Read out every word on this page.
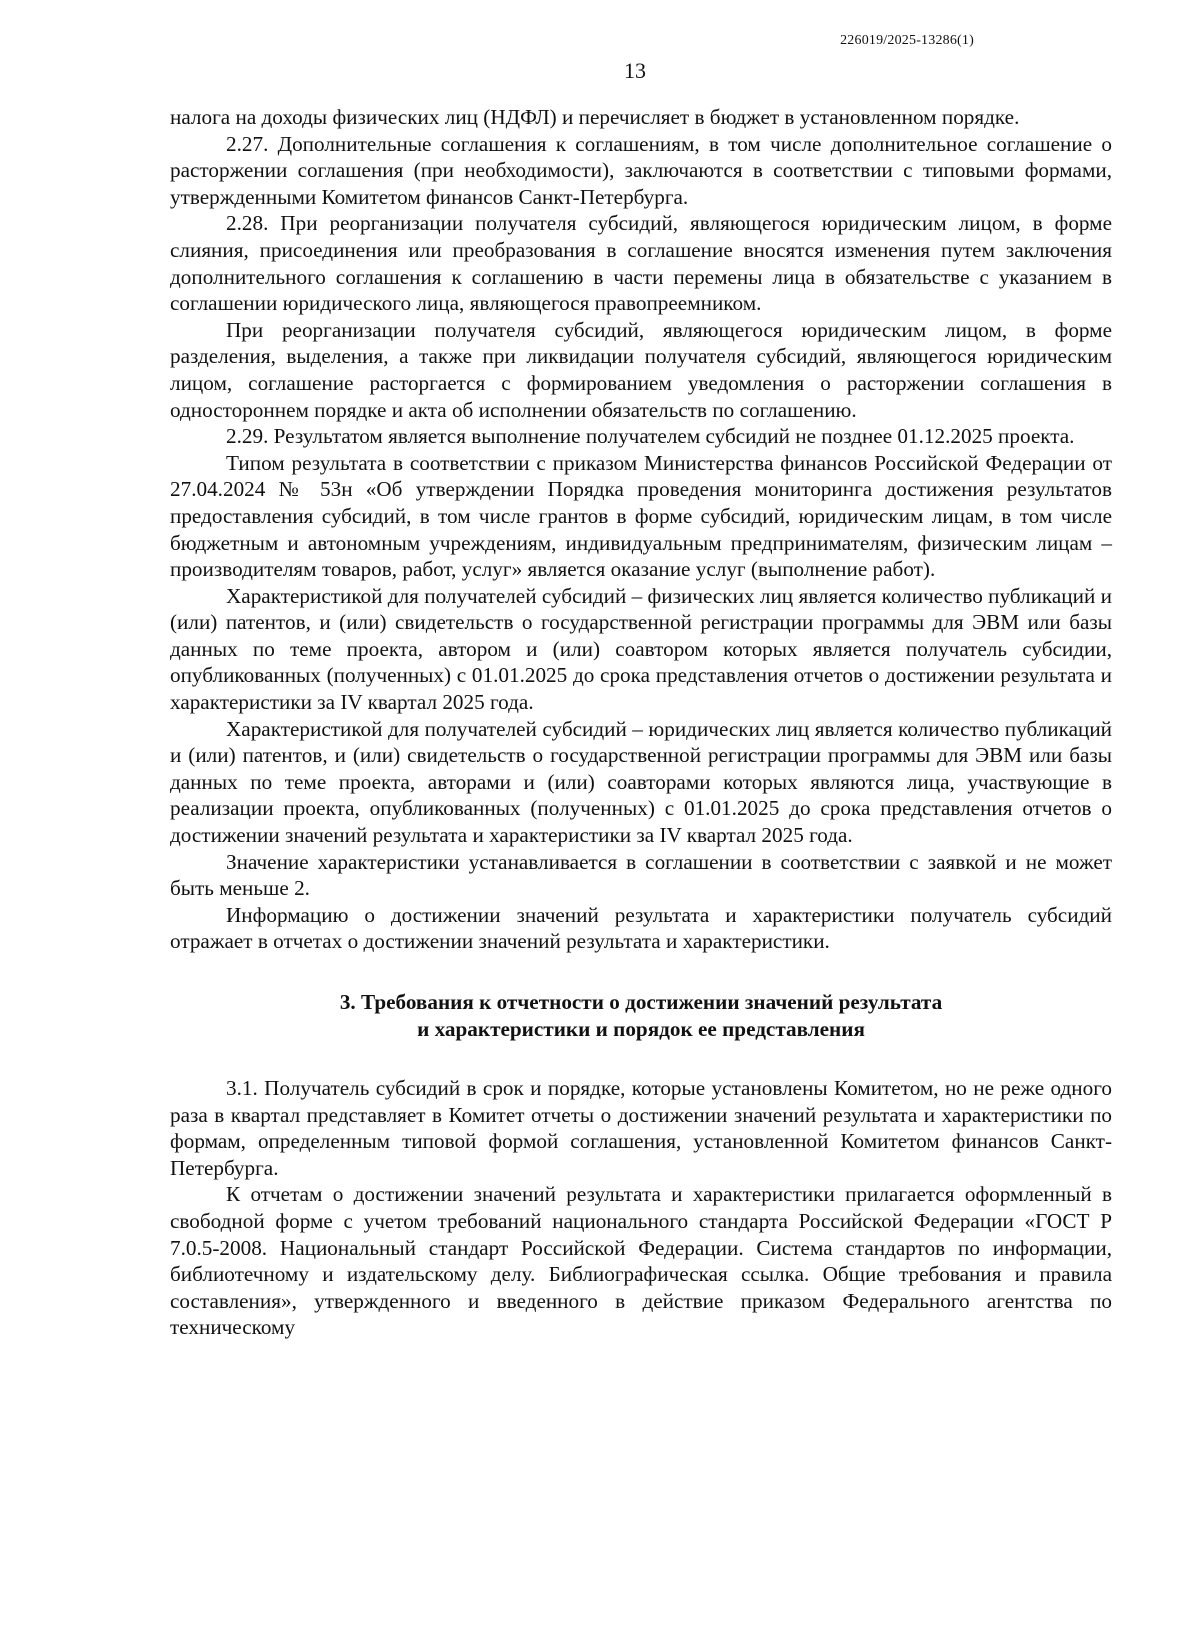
226019/2025-13286(1)
13

налога на доходы физических лиц (НДФЛ) и перечисляет в бюджет в установленном порядке.

2.27. Дополнительные соглашения к соглашениям, в том числе дополнительное соглашение о расторжении соглашения (при необходимости), заключаются в соответствии с типовыми формами, утвержденными Комитетом финансов Санкт-Петербурга.

2.28. При реорганизации получателя субсидий, являющегося юридическим лицом, в форме слияния, присоединения или преобразования в соглашение вносятся изменения путем заключения дополнительного соглашения к соглашению в части перемены лица в обязательстве с указанием в соглашении юридического лица, являющегося правопреемником.

При реорганизации получателя субсидий, являющегося юридическим лицом, в форме разделения, выделения, а также при ликвидации получателя субсидий, являющегося юридическим лицом, соглашение расторгается с формированием уведомления о расторжении соглашения в одностороннем порядке и акта об исполнении обязательств по соглашению.

2.29. Результатом является выполнение получателем субсидий не позднее 01.12.2025 проекта.

Типом результата в соответствии с приказом Министерства финансов Российской Федерации от 27.04.2024 № 53н «Об утверждении Порядка проведения мониторинга достижения результатов предоставления субсидий, в том числе грантов в форме субсидий, юридическим лицам, в том числе бюджетным и автономным учреждениям, индивидуальным предпринимателям, физическим лицам – производителям товаров, работ, услуг» является оказание услуг (выполнение работ).

Характеристикой для получателей субсидий – физических лиц является количество публикаций и (или) патентов, и (или) свидетельств о государственной регистрации программы для ЭВМ или базы данных по теме проекта, автором и (или) соавтором которых является получатель субсидии, опубликованных (полученных) с 01.01.2025 до срока представления отчетов о достижении результата и характеристики за IV квартал 2025 года.

Характеристикой для получателей субсидий – юридических лиц является количество публикаций и (или) патентов, и (или) свидетельств о государственной регистрации программы для ЭВМ или базы данных по теме проекта, авторами и (или) соавторами которых являются лица, участвующие в реализации проекта, опубликованных (полученных) с 01.01.2025 до срока представления отчетов о достижении значений результата и характеристики за IV квартал 2025 года.

Значение характеристики устанавливается в соглашении в соответствии с заявкой и не может быть меньше 2.

Информацию о достижении значений результата и характеристики получатель субсидий отражает в отчетах о достижении значений результата и характеристики.

3. Требования к отчетности о достижении значений результата
и характеристики и порядок ее представления

3.1. Получатель субсидий в срок и порядке, которые установлены Комитетом, но не реже одного раза в квартал представляет в Комитет отчеты о достижении значений результата и характеристики по формам, определенным типовой формой соглашения, установленной Комитетом финансов Санкт-Петербурга.

К отчетам о достижении значений результата и характеристики прилагается оформленный в свободной форме с учетом требований национального стандарта Российской Федерации «ГОСТ Р 7.0.5-2008. Национальный стандарт Российской Федерации. Система стандартов по информации, библиотечному и издательскому делу. Библиографическая ссылка. Общие требования и правила составления», утвержденного и введенного в действие приказом Федерального агентства по техническому
